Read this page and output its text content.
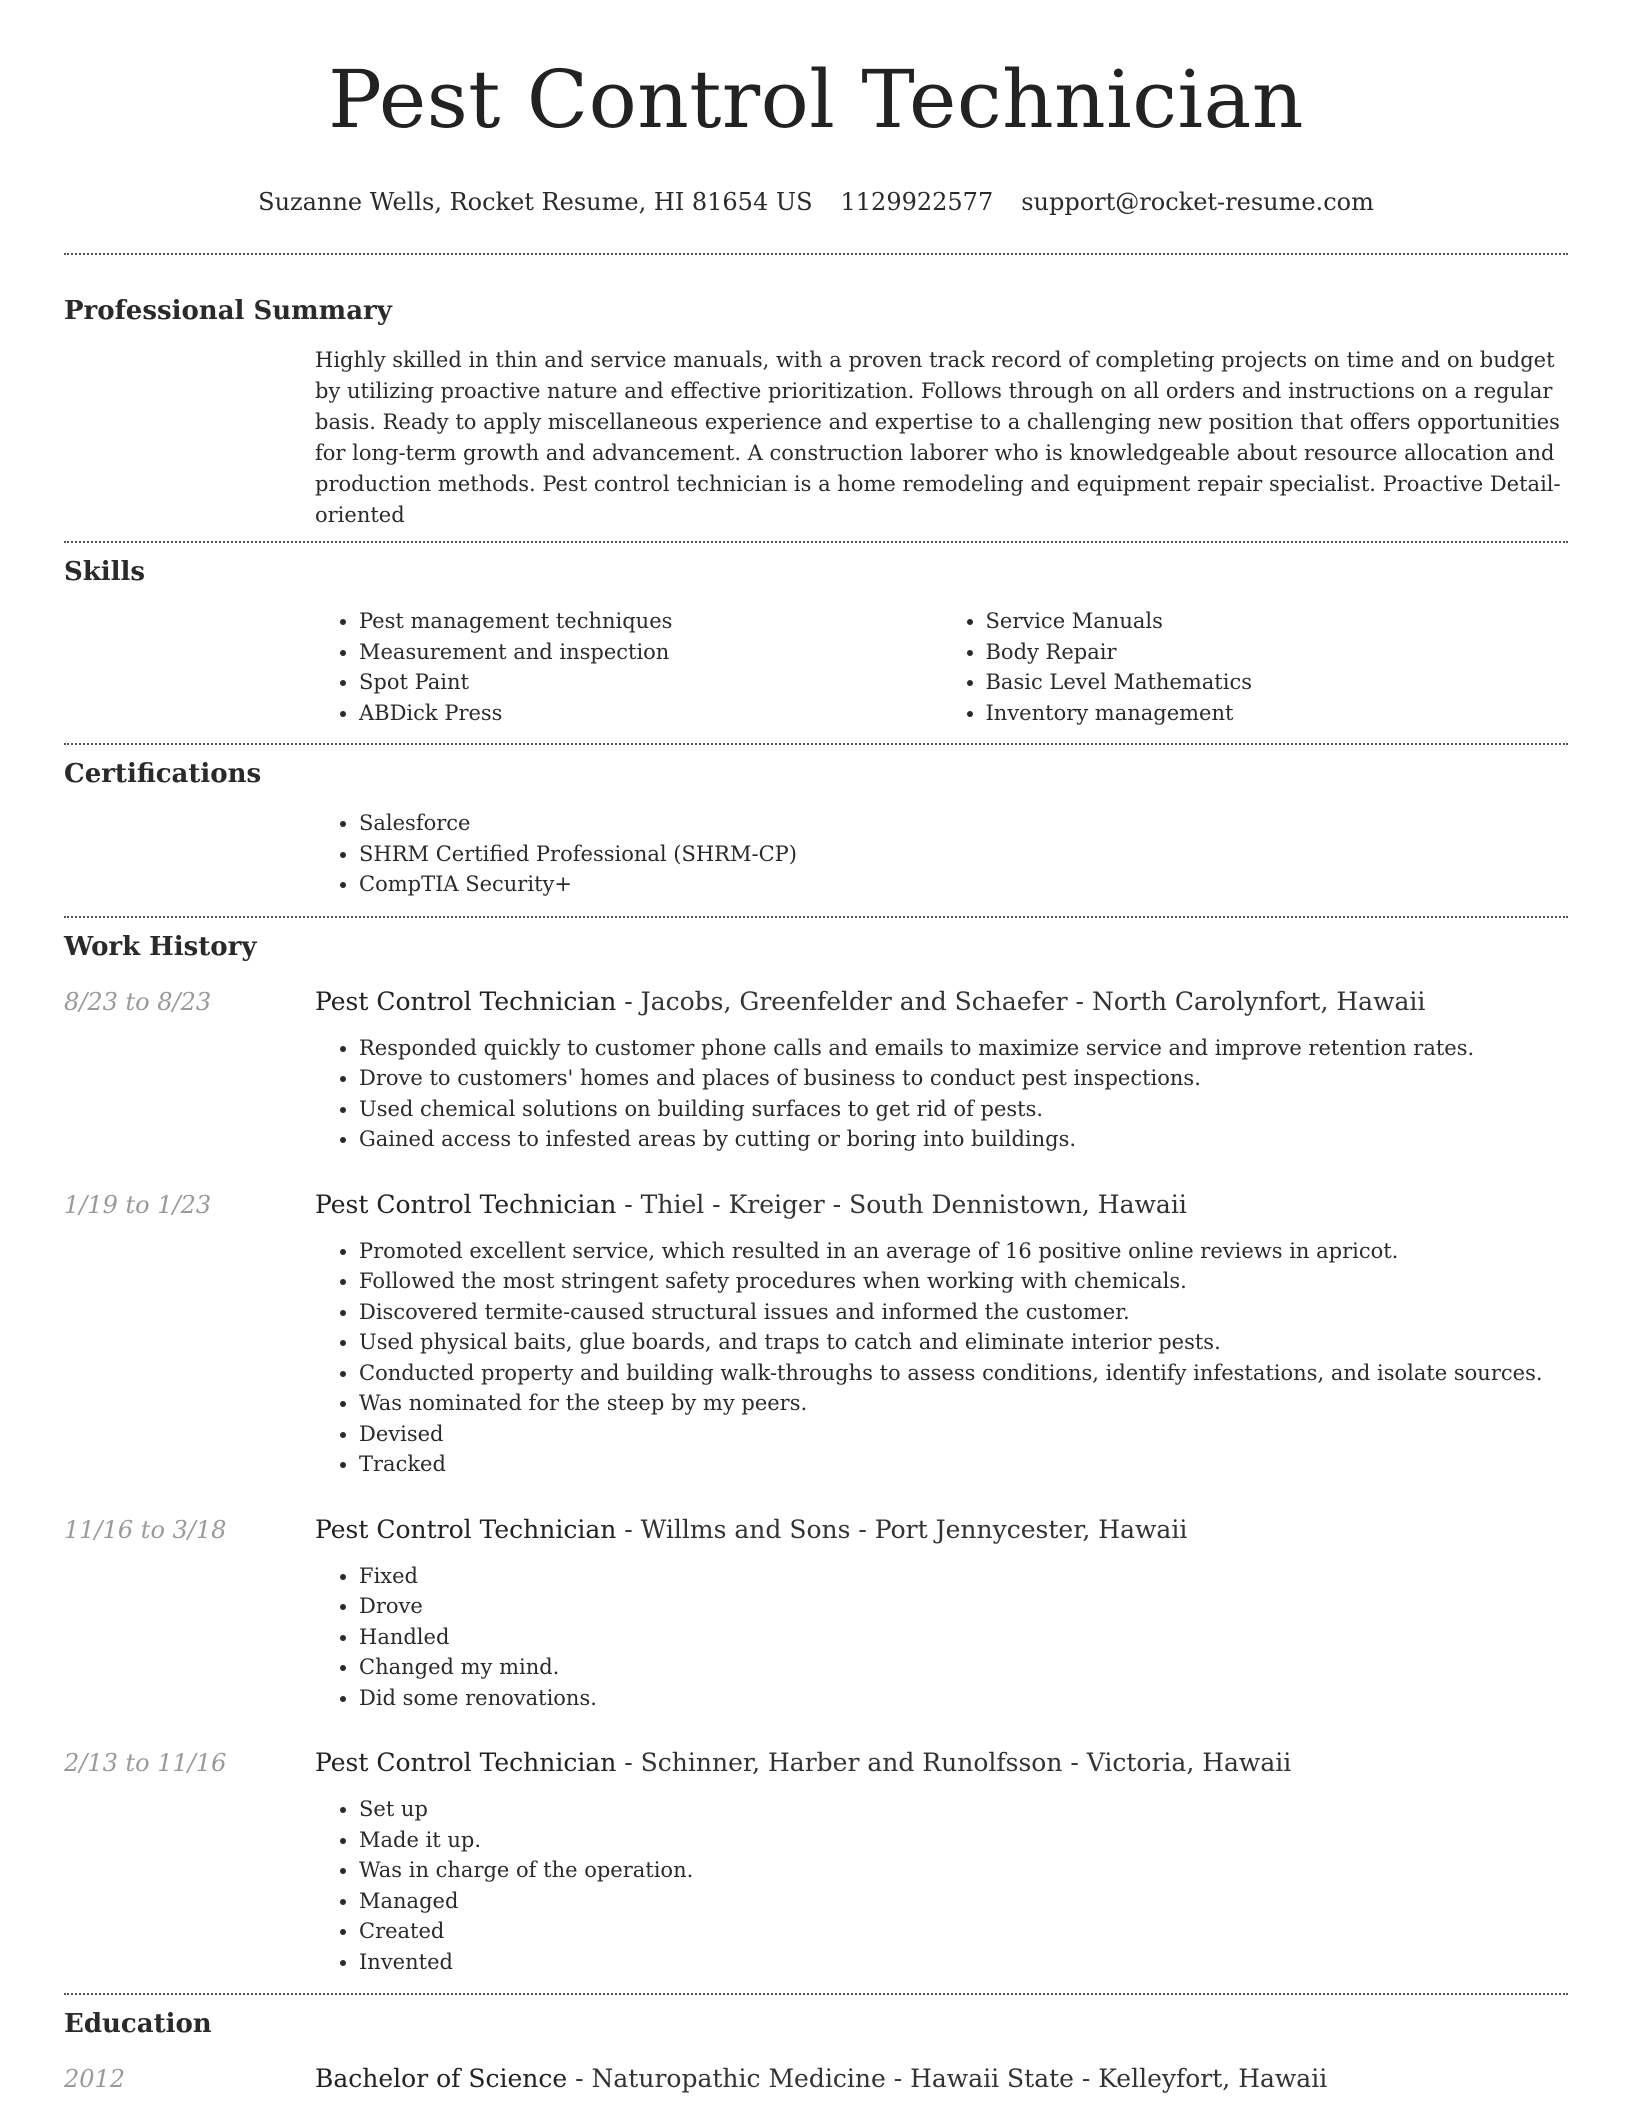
Pest Control Technician
Suzanne Wells, Rocket Resume, HI 81654 US 1129922577 support@rocket-resume.com
Professional Summary

Highly skilled in thin and service manuals, with a proven track record of completing projects on time and on budget by utilizing proactive nature and effective prioritization. Follows through on all orders and instructions on a regular basis. Ready to apply miscellaneous experience and expertise to a challenging new position that offers opportunities for long-term growth and advancement. A construction laborer who is knowledgeable about resource allocation and production methods. Pest control technician is a home remodeling and equipment repair specialist. Proactive Detail-oriented

Skills
• Pest management techniques
• Measurement and inspection
• Spot Paint
• ABDick Press
• Service Manuals
• Body Repair
• Basic Level Mathematics
• Inventory management
Certifications
• Salesforce
• SHRM Certified Professional (SHRM-CP)
• CompTIA Security+
Work History
8/23 to 8/23	Pest Control Technician - Jacobs, Greenfelder and Schaefer - North Carolynfort, Hawaii
• Responded quickly to customer phone calls and emails to maximize service and improve retention rates.
• Drove to customers' homes and places of business to conduct pest inspections.
• Used chemical solutions on building surfaces to get rid of pests.
• Gained access to infested areas by cutting or boring into buildings.
1/19 to 1/23	Pest Control Technician - Thiel - Kreiger - South Dennistown, Hawaii
• Promoted excellent service, which resulted in an average of 16 positive online reviews in apricot.
• Followed the most stringent safety procedures when working with chemicals.
• Discovered termite-caused structural issues and informed the customer.
• Used physical baits, glue boards, and traps to catch and eliminate interior pests.
• Conducted property and building walk-throughs to assess conditions, identify infestations, and isolate sources.
• Was nominated for the steep by my peers.
• Devised
• Tracked
11/16 to 3/18	Pest Control Technician - Willms and Sons - Port Jennycester, Hawaii
• Fixed
• Drove
• Handled
• Changed my mind.
• Did some renovations.
2/13 to 11/16	Pest Control Technician - Schinner, Harber and Runolfsson - Victoria, Hawaii
• Set up
• Made it up.
• Was in charge of the operation.
• Managed
• Created
• Invented
Education
2012	Bachelor of Science - Naturopathic Medicine - Hawaii State - Kelleyfort, Hawaii
